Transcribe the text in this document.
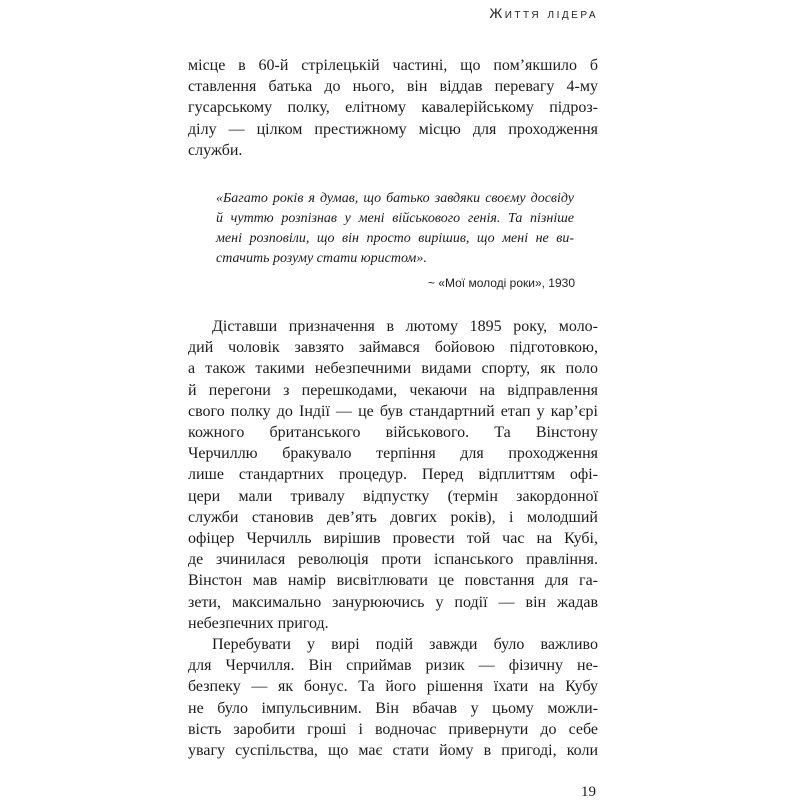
Життя лідера
місце в 60-й стрілецькій частині, що пом’якшило б
ставлення батька до нього, він віддав перевагу 4-му
гусарському полку, елітному кавалерійському підроз-
ділу — цілком престижному місцю для проходження
служби.
«Багато років я думав, що батько завдяки своєму досвіду
й чуттю розпізнав у мені військового генія. Та пізніше
мені розповіли, що він просто вирішив, що мені не ви-
стачить розуму стати юристом».
~ «Мої молоді роки», 1930
Діставши призначення в лютому 1895 року, моло-
дий чоловік завзято займався бойовою підготовкою,
а також такими небезпечними видами спорту, як поло
й перегони з перешкодами, чекаючи на відправлення
свого полку до Індії — це був стандартний етап у кар’єрі
кожного британського військового. Та Вінстону
Черчиллю бракувало терпіння для проходження
лише стандартних процедур. Перед відплиттям офі-
цери мали тривалу відпустку (термін закордонної
служби становив дев’ять довгих років), і молодший
офіцер Черчилль вирішив провести той час на Кубі,
де зчинилася революція проти іспанського правління.
Вінстон мав намір висвітлювати це повстання для га-
зети, максимально занурюючись у події — він жадав
небезпечних пригод.
Перебувати у вирі подій завжди було важливо
для Черчилля. Він сприймав ризик — фізичну не-
безпеку — як бонус. Та його рішення їхати на Кубу
не було імпульсивним. Він вбачав у цьому можли-
вість заробити гроші і водночас привернути до себе
увагу суспільства, що має стати йому в пригоді, коли
19
